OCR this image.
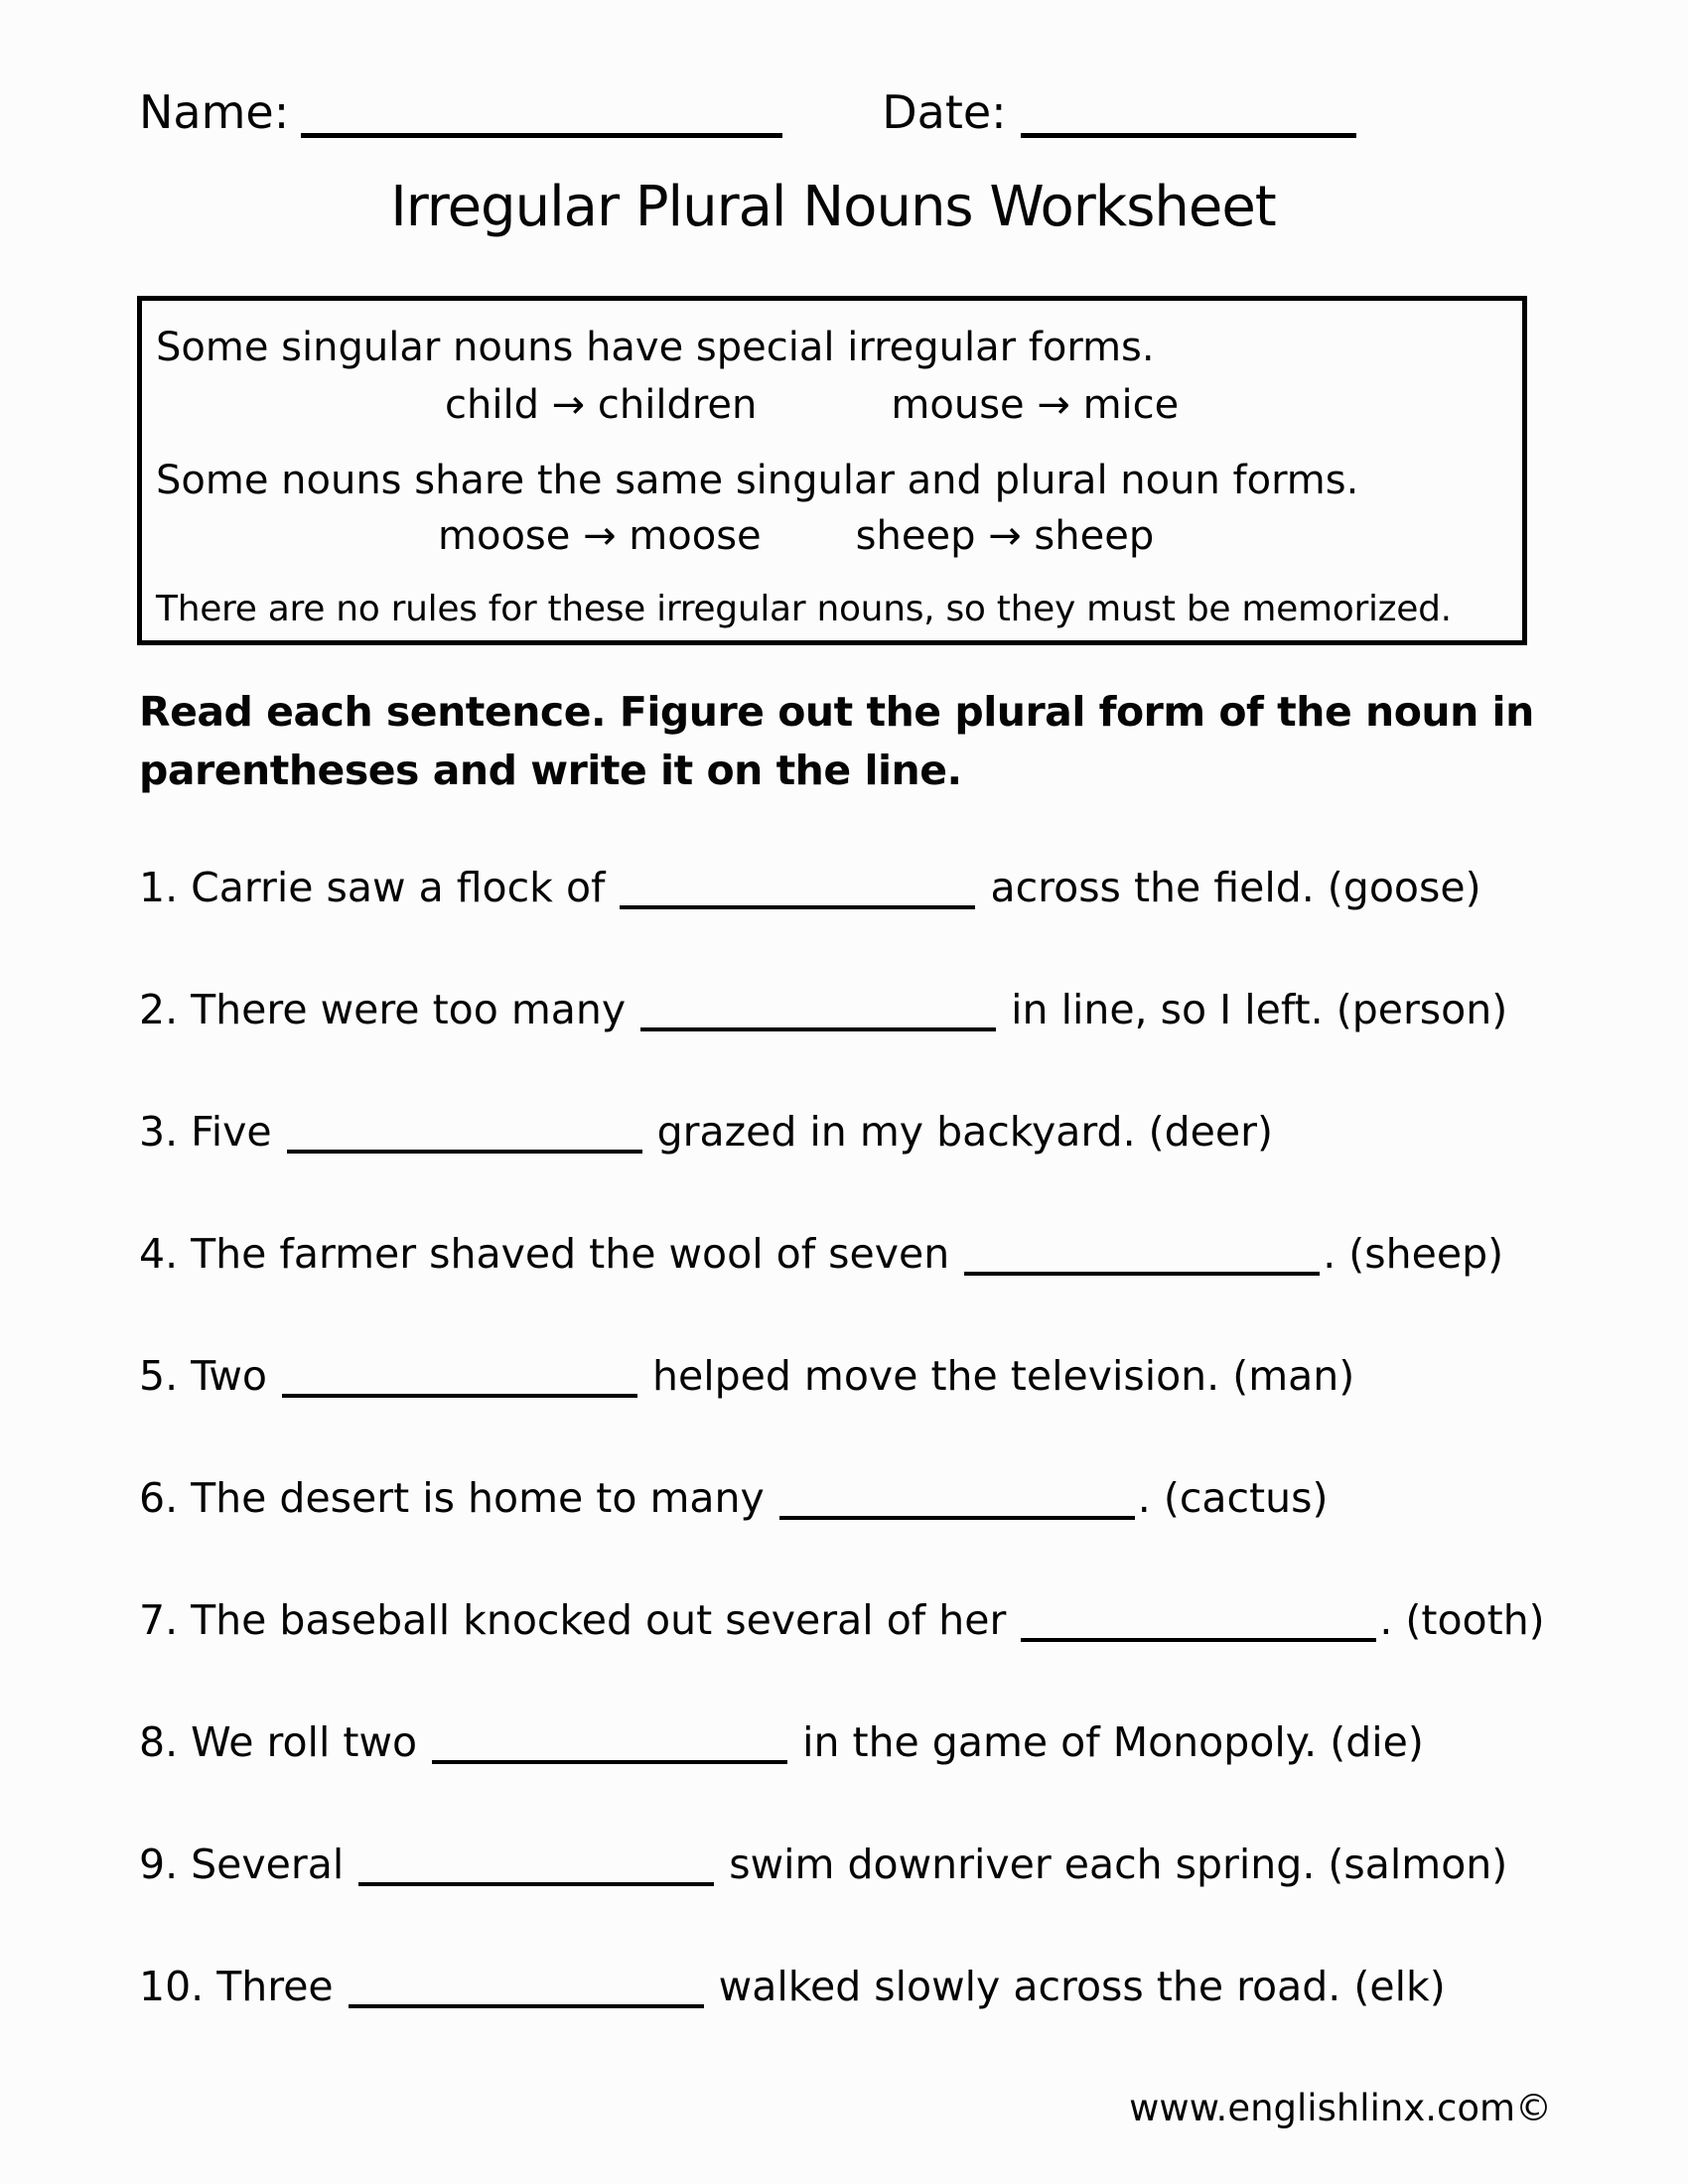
Name:	Date:
Irregular Plural Nouns Worksheet
Some singular nouns have special irregular forms.
child → children	mouse → mice
Some nouns share the same singular and plural noun forms.
moose → moose sheep → sheep
There are no rules for these irregular nouns, so they must be memorized.
Read each sentence. Figure out the plural form of the noun in
parentheses and write it on the line.
1. Carrie saw a flock of	across the field. (goose)
2. There were too many	in line, so I left. (person)
3. Five	grazed in my backyard. (deer)
4. The farmer shaved the wool of seven	. (sheep)
5. Two	helped move the television. (man)
6. The desert is home to many	. (cactus)
7. The baseball knocked out several of her	. (tooth)
8. We roll two	in the game of Monopoly. (die)
9. Several	swim downriver each spring. (salmon)
10. Three	walked slowly across the road. (elk)
www.englishlinx.com©
